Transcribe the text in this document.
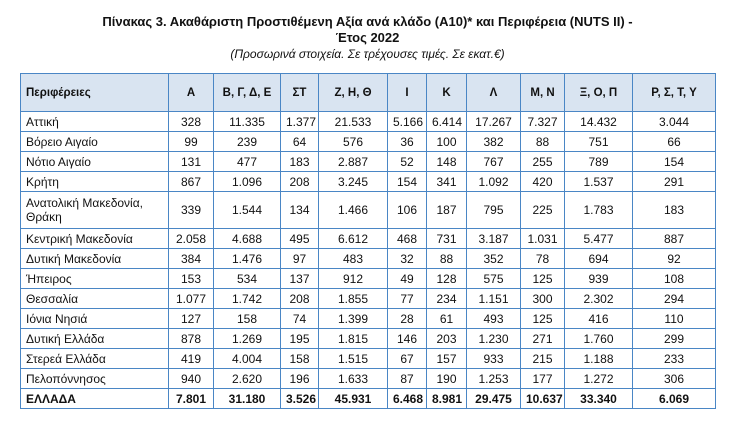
Πίνακας 3. Ακαθάριστη Προστιθέμενη Αξία ανά κλάδο (Α10)* και Περιφέρεια (NUTS II) -
Έτος 2022
(Προσωρινά στοιχεία. Σε τρέχουσες τιμές. Σε εκατ.€)
Περιφέρειες	Α	Β, Γ, Δ, Ε	ΣΤ	Ζ, Η, Θ	Ι	Κ	Λ	Μ, Ν	Ξ, Ο, Π	Ρ, Σ, Τ, Υ
Αττική	328	11.335	1.377	21.533	5.166	6.414	17.267	7.327	14.432	3.044
Βόρειο Αιγαίο	99	239	64	576	36	100	382	88	751	66
Νότιο Αιγαίο	131	477	183	2.887	52	148	767	255	789	154
Κρήτη	867	1.096	208	3.245	154	341	1.092	420	1.537	291
Ανατολική Μακεδονία, Θράκη	339	1.544	134	1.466	106	187	795	225	1.783	183
Κεντρική Μακεδονία	2.058	4.688	495	6.612	468	731	3.187	1.031	5.477	887
Δυτική Μακεδονία	384	1.476	97	483	32	88	352	78	694	92
Ήπειρος	153	534	137	912	49	128	575	125	939	108
Θεσσαλία	1.077	1.742	208	1.855	77	234	1.151	300	2.302	294
Ιόνια Νησιά	127	158	74	1.399	28	61	493	125	416	110
Δυτική Ελλάδα	878	1.269	195	1.815	146	203	1.230	271	1.760	299
Στερεά Ελλάδα	419	4.004	158	1.515	67	157	933	215	1.188	233
Πελοπόννησος	940	2.620	196	1.633	87	190	1.253	177	1.272	306
ΕΛΛΑΔΑ	7.801	31.180	3.526	45.931	6.468	8.981	29.475	10.637	33.340	6.069
